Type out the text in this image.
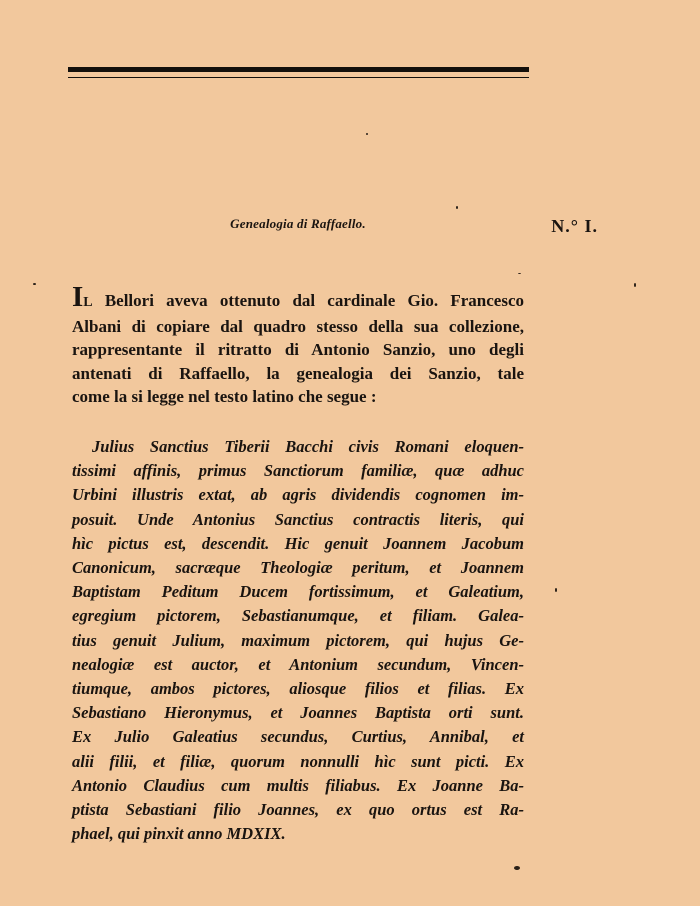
Genealogia di Raffaello.	N.° I.
IL Bellori aveva ottenuto dal cardinale Gio. Francesco
Albani di copiare dal quadro stesso della sua collezione,
rappresentante il ritratto di Antonio Sanzio, uno degli
antenati di Raffaello, la genealogia dei Sanzio, tale
come la si legge nel testo latino che segue :
Julius Sanctius Tiberii Bacchi civis Romani eloquen-
tissimi affinis, primus Sanctiorum familiæ, quæ adhuc
Urbini illustris extat, ab agris dividendis cognomen im-
posuit. Unde Antonius Sanctius contractis literis, qui
hìc pictus est, descendit. Hic genuit Joannem Jacobum
Canonicum, sacræque Theologiæ peritum, et Joannem
Baptistam Peditum Ducem fortissimum, et Galeatium,
egregium pictorem, Sebastianumque, et filiam. Galea-
tius genuit Julium, maximum pictorem, qui hujus Ge-
nealogiæ est auctor, et Antonium secundum, Vincen-
tiumque, ambos pictores, aliosque filios et filias. Ex
Sebastiano Hieronymus, et Joannes Baptista orti sunt.
Ex Julio Galeatius secundus, Curtius, Annibal, et
alii filii, et filiæ, quorum nonnulli hìc sunt picti. Ex
Antonio Claudius cum multis filiabus. Ex Joanne Ba-
ptista Sebastiani filio Joannes, ex quo ortus est Ra-
phael, qui pinxit anno MDXIX.
